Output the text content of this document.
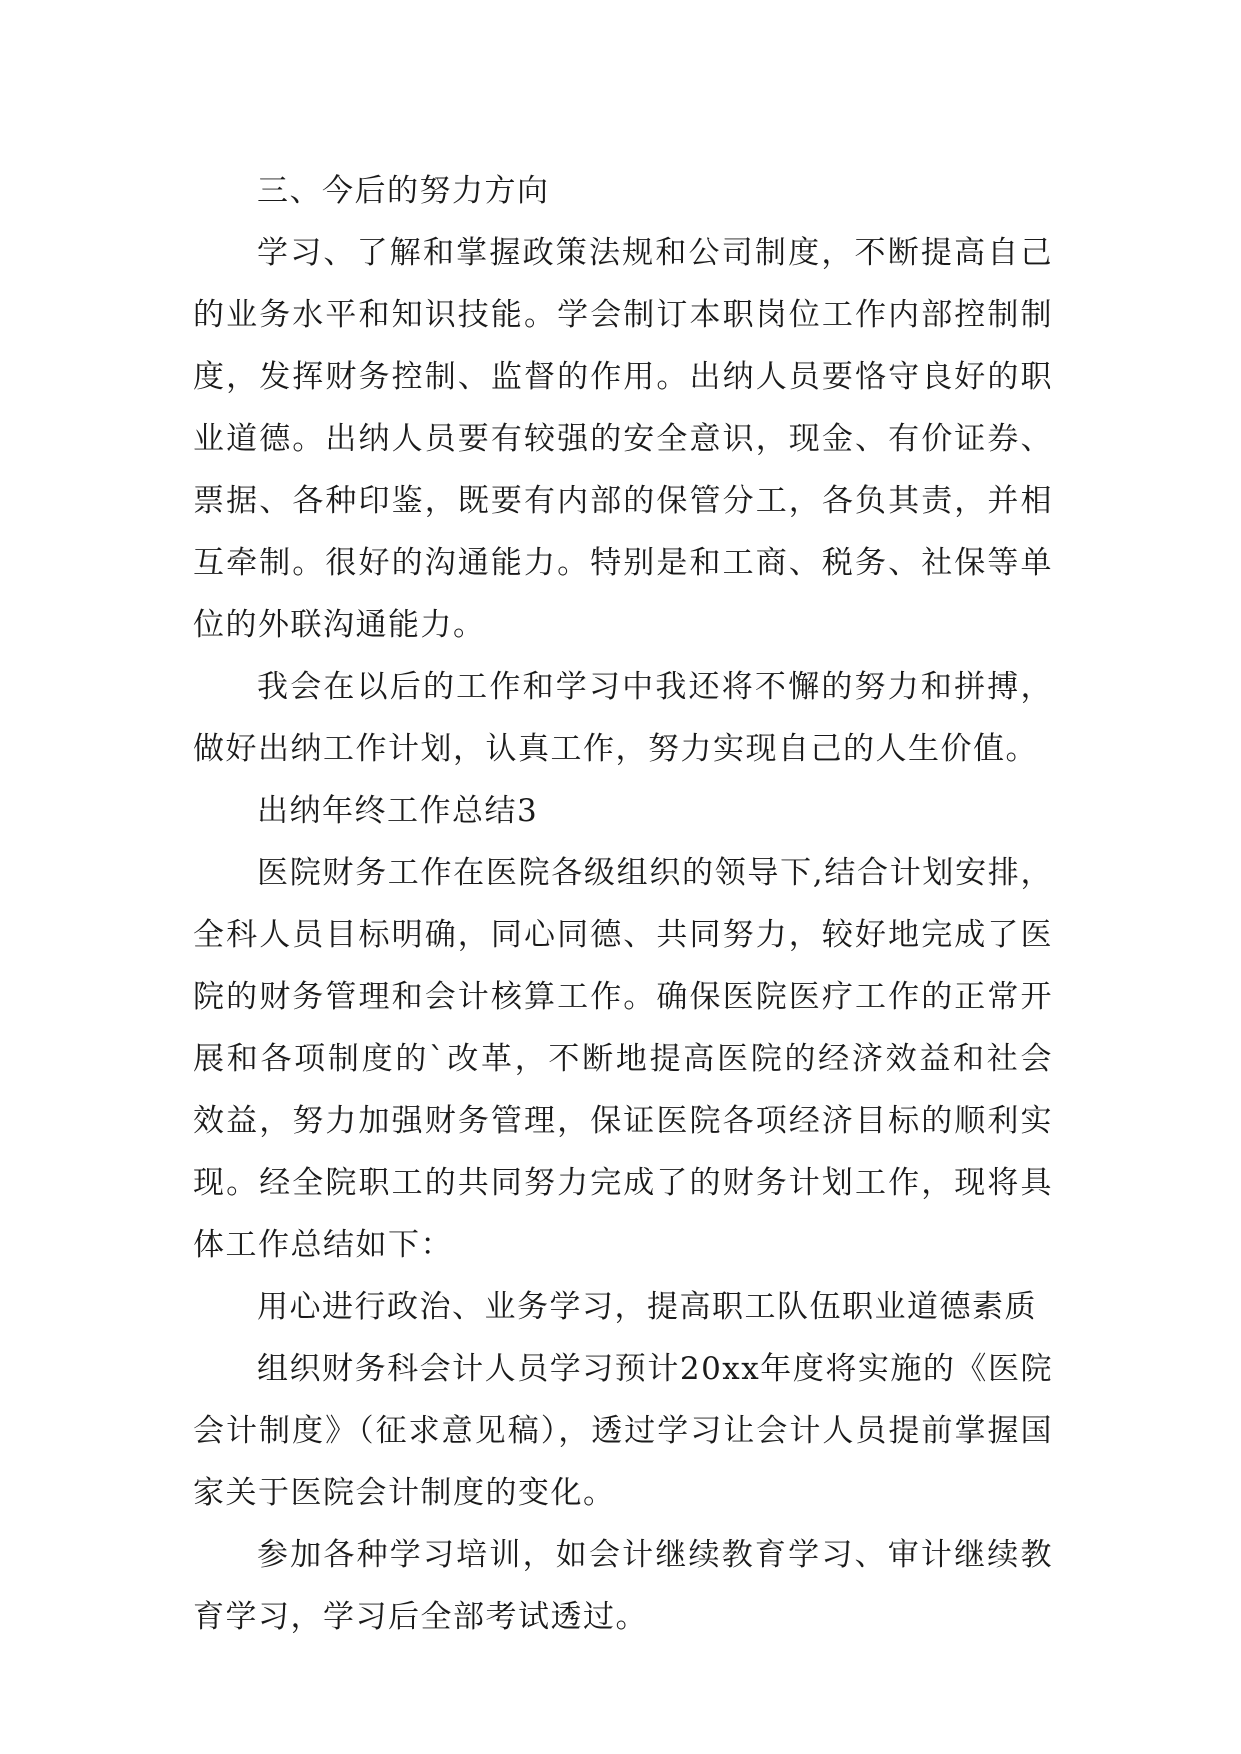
三、今后的努力方向

学习、了解和掌握政策法规和公司制度，不断提高自己的业务水平和知识技能。学会制订本职岗位工作内部控制制度，发挥财务控制、监督的作用。出纳人员要恪守良好的职业道德。出纳人员要有较强的安全意识，现金、有价证券、票据、各种印鉴，既要有内部的保管分工，各负其责，并相互牵制。很好的沟通能力。特别是和工商、税务、社保等单位的外联沟通能力。

我会在以后的工作和学习中我还将不懈的努力和拼搏，做好出纳工作计划，认真工作，努力实现自己的人生价值。

出纳年终工作总结3

医院财务工作在医院各级组织的领导下,结合计划安排，全科人员目标明确，同心同德、共同努力，较好地完成了医院的财务管理和会计核算工作。确保医院医疗工作的正常开展和各项制度的`改革，不断地提高医院的经济效益和社会效益，努力加强财务管理，保证医院各项经济目标的顺利实现。经全院职工的共同努力完成了的财务计划工作，现将具体工作总结如下：

用心进行政治、业务学习，提高职工队伍职业道德素质

组织财务科会计人员学习预计20xx年度将实施的《医院会计制度》（征求意见稿），透过学习让会计人员提前掌握国家关于医院会计制度的变化。

参加各种学习培训，如会计继续教育学习、审计继续教育学习，学习后全部考试透过。
